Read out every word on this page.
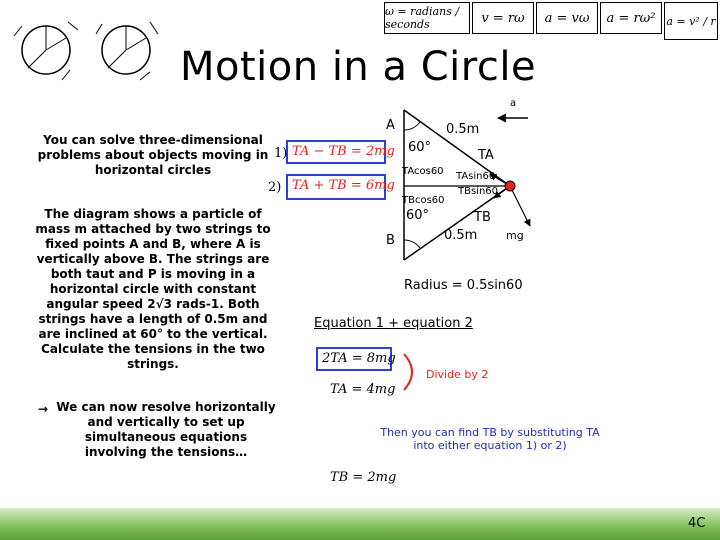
ω = radians / seconds	v = rω	a = vω	a = rω² a = v² / r
Motion in a Circle
You can solve three-dimensional problems about objects moving in horizontal circles
The diagram shows a particle of mass m attached by two strings to fixed points A and B, where A is vertically above B. The strings are both taut and P is moving in a horizontal circle with constant angular speed 2√3 rads-1. Both strings have a length of 0.5m and are inclined at 60° to the vertical. Calculate the tensions in the two strings.
→ We can now resolve horizontally and vertically to set up simultaneous equations involving the tensions…
1) TA − TB = 2mg
2) TA + TB = 6mg
A
B
0.5m
0.5m
60°
60°
TA
TB
TAcos60 TAsin60
TBcos60
TBsin60
a
mg
Radius = 0.5sin60
Equation 1 + equation 2
2TA = 8mg
TA = 4mg
Divide by 2
Then you can find TB by substituting TA into either equation 1) or 2)
TB = 2mg
4C
